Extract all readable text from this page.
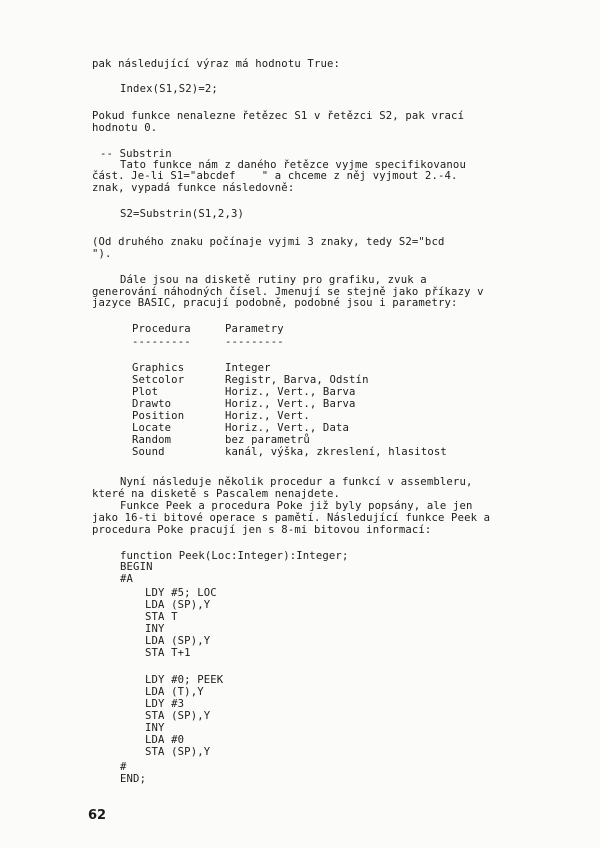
pak následující výraz má hodnotu True:
Index(S1,S2)=2;
Pokud funkce nenalezne řetězec S1 v řetězci S2, pak vrací
hodnotu 0.
-- Substrin
Tato funkce nám z daného řetězce vyjme specifikovanou
část. Je-li S1="abcdef    " a chceme z něj vyjmout 2.-4.
znak, vypadá funkce následovně:
S2=Substrin(S1,2,3)
(Od druhého znaku počínaje vyjmi 3 znaky, tedy S2="bcd
").
Dále jsou na disketě rutiny pro grafiku, zvuk a
generování náhodných čísel. Jmenují se stejně jako příkazy v
jazyce BASIC, pracují podobně, podobné jsou i parametry:
Procedura	Parametry
---------	---------
Graphics	Integer
Setcolor	Registr, Barva, Odstín
Plot	Horiz., Vert., Barva
Drawto	Horiz., Vert., Barva
Position	Horiz., Vert.
Locate	Horiz., Vert., Data
Random	bez parametrů
Sound	kanál, výška, zkreslení, hlasitost
Nyní následuje několik procedur a funkcí v assembleru,
které na disketě s Pascalem nenajdete.
Funkce Peek a procedura Poke již byly popsány, ale jen
jako 16-ti bitové operace s pamětí. Následující funkce Peek a
procedura Poke pracují jen s 8-mi bitovou informací:
function Peek(Loc:Integer):Integer;
BEGIN
#A
LDY #5; LOC
LDA (SP),Y
STA T
INY
LDA (SP),Y
STA T+1
LDY #0; PEEK
LDA (T),Y
LDY #3
STA (SP),Y
INY
LDA #0
STA (SP),Y
#
END;
62
